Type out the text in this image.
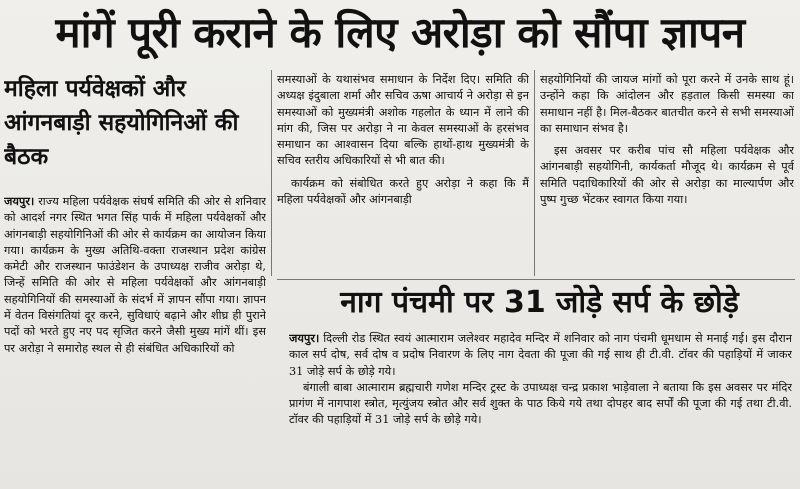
मांगें पूरी कराने के लिए अरोड़ा को सौंपा ज्ञापन
महिला पर्यवेक्षकों और आंगनबाड़ी सहयोगिनिओं की बैठक

जयपुर। राज्य महिला पर्यवेक्षक संघर्ष समिति की ओर से शनिवार को आदर्श नगर स्थित भगत सिंह पार्क में महिला पर्यवेक्षकों और आंगनबाड़ी सहयोगिनिओं की ओर से कार्यक्रम का आयोजन किया गया। कार्यक्रम के मुख्य अतिथि-वक्ता राजस्थान प्रदेश कांग्रेस कमेटी और राजस्थान फाउंडेशन के उपाध्यक्ष राजीव अरोड़ा थे, जिन्हें समिति की ओर से महिला पर्यवेक्षकों और आंगनबाड़ी सहयोगिनियों की समस्याओं के संदर्भ में ज्ञापन सौंपा गया। ज्ञापन में वेतन विसंगतियां दूर करने, सुविधाएं बढ़ाने और शीघ्र ही पुराने पदों को भरते हुए नए पद सृजित करने जैसी मुख्य मांगें थीं। इस पर अरोड़ा ने समारोह स्थल से ही संबंधित अधिकारियों को

समस्याओं के यथासंभव समाधान के निर्देश दिए। समिति की अध्यक्ष इंदुबाला शर्मा और सचिव ऊषा आचार्य ने अरोड़ा से इन समस्याओं को मुख्यमंत्री अशोक गहलोत के ध्यान में लाने की मांग की, जिस पर अरोड़ा ने ना केवल समस्याओं के हरसंभव समाधान का आश्वासन दिया बल्कि हाथों-हाथ मुख्यमंत्री के सचिव स्तरीय अधिकारियों से भी बात की।

कार्यक्रम को संबोधित करते हुए अरोड़ा ने कहा कि मैं महिला पर्यवेक्षकों और आंगनबाड़ी

सहयोगिनियों की जायज मांगों को पूरा करने में उनके साथ हूं। उन्होंने कहा कि आंदोलन और हड़ताल किसी समस्या का समाधान नहीं है। मिल-बैठकर बातचीत करने से सभी समस्याओं का समाधान संभव है।

इस अवसर पर करीब पांच सौ महिला पर्यवेक्षक और आंगनबाड़ी सहयोगिनी, कार्यकर्ता मौजूद थे। कार्यक्रम से पूर्व समिति पदाधिकारियों की ओर से अरोड़ा का माल्यार्पण और पुष्प गुच्छ भेंटकर स्वागत किया गया।

नाग पंचमी पर 31 जोड़े सर्प के छोड़े

जयपुर। दिल्ली रोड स्थित स्वयं आत्माराम जलेश्वर महादेव मन्दिर में शनिवार को नाग पंचमी धूमधाम से मनाई गई। इस दौरान काल सर्प दोष, सर्व दोष व प्रदोष निवारण के लिए नाग देवता की पूजा की गई साथ ही टी.वी. टॉवर की पहाड़ियों में जाकर 31 जोड़े सर्प के छोड़े गये।

बंगाली बाबा आत्माराम ब्रह्मचारी गणेश मन्दिर ट्रस्ट के उपाध्यक्ष चन्द्र प्रकाश भाड़ेवाला ने बताया कि इस अवसर पर मंदिर प्रागंण में नागपाश स्त्रोत, मृत्युंजय स्त्रोत और सर्व शुक्त के पाठ किये गये तथा दोपहर बाद सर्पों की पूजा की गई तथा टी.वी. टॉवर की पहाड़ियों में 31 जोड़े सर्प के छोड़े गये।
